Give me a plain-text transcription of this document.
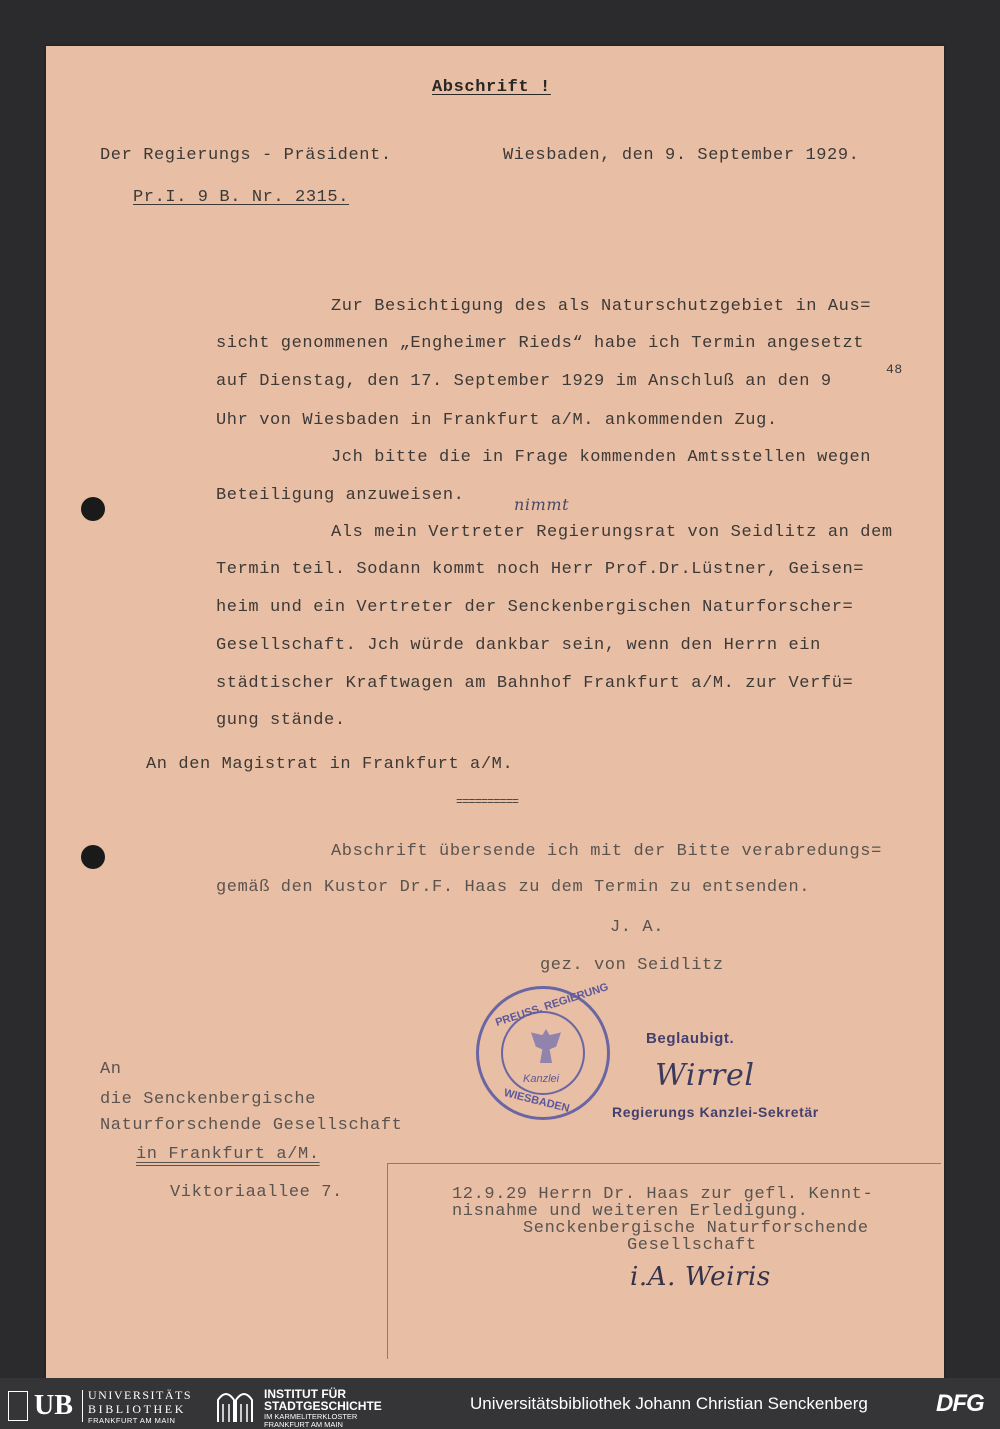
Abschrift !
Der Regierungs - Präsident.	Wiesbaden, den 9. September 1929.
Pr.I. 9 B. Nr. 2315.
Zur Besichtigung des als Naturschutzgebiet in Aus=
sicht genommenen „Engheimer Rieds“ habe ich Termin angesetzt
auf Dienstag, den 17. September 1929 im Anschluß an den 9
48
Uhr von Wiesbaden in Frankfurt a/M. ankommenden Zug.
Jch bitte die in Frage kommenden Amtsstellen wegen
Beteiligung anzuweisen.	nimmt
Als mein Vertreter Regierungsrat von Seidlitz an dem
Termin teil. Sodann kommt noch Herr Prof.Dr.Lüstner, Geisen=
heim und ein Vertreter der Senckenbergischen Naturforscher=
Gesellschaft. Jch würde dankbar sein, wenn den Herrn ein
städtischer Kraftwagen am Bahnhof Frankfurt a/M. zur Verfü=
gung stände.
An den Magistrat in Frankfurt a/M.
==========
Abschrift übersende ich mit der Bitte verabredungs=
gemäß den Kustor Dr.F. Haas zu dem Termin zu entsenden.
J. A.
gez. von Seidlitz
PREUSS. REGIERUNG
Kanzlei
WIESBADEN
Beglaubigt.
Wirrel
Regierungs Kanzlei-Sekretär
An
die Senckenbergische
Naturforschende Gesellschaft
in Frankfurt a/M.
Viktoriaallee 7.	12.9.29 Herrn Dr. Haas zur gefl. Kennt-
nisnahme und weiteren Erledigung.
Senckenbergische Naturforschende
Gesellschaft
i.A. Weiris
UB UNIVERSITÄTS
BIBLIOTHEK
FRANKFURT AM MAIN
INSTITUT FÜR
STADTGESCHICHTE
IM KARMELITERKLOSTER
FRANKFURT AM MAIN
Universitätsbibliothek Johann Christian Senckenberg	DFG
